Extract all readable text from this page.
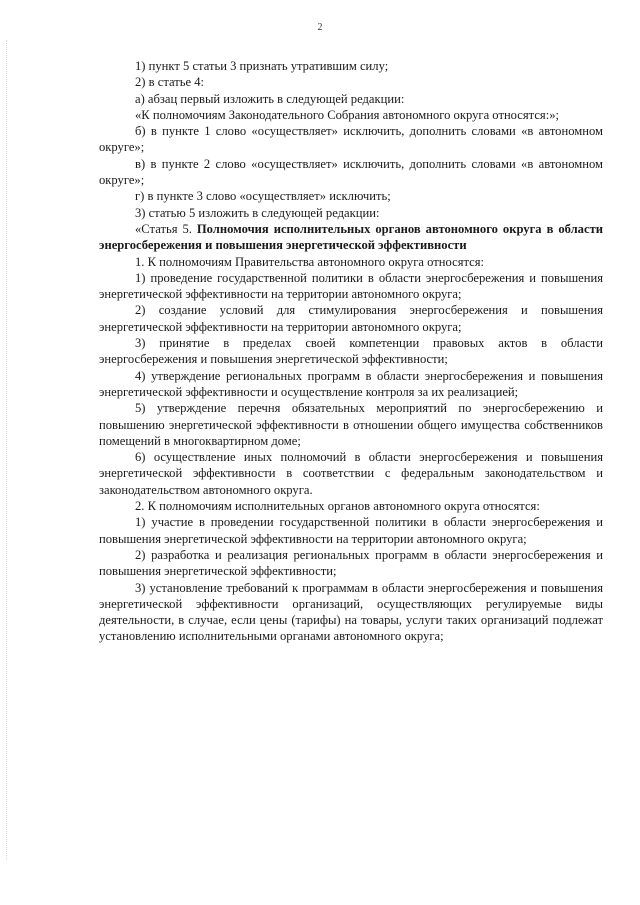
2

1) пункт 5 статьи 3 признать утратившим силу;

2) в статье 4:

а) абзац первый изложить в следующей редакции:

«К полномочиям Законодательного Собрания автономного округа относятся:»;

б) в пункте 1 слово «осуществляет» исключить, дополнить словами «в автономном округе»;

в) в пункте 2 слово «осуществляет» исключить, дополнить словами «в автономном округе»;

г) в пункте 3 слово «осуществляет» исключить;

3) статью 5 изложить в следующей редакции:

«Статья 5. Полномочия исполнительных органов автономного округа в области энергосбережения и повышения энергетической эффективности

1. К полномочиям Правительства автономного округа относятся:

1) проведение государственной политики в области энергосбережения и повышения энергетической эффективности на территории автономного округа;

2) создание условий для стимулирования энергосбережения и повышения энергетической эффективности на территории автономного округа;

3) принятие в пределах своей компетенции правовых актов в области энергосбережения и повышения энергетической эффективности;

4) утверждение региональных программ в области энергосбережения и повышения энергетической эффективности и осуществление контроля за их реализацией;

5) утверждение перечня обязательных мероприятий по энергосбережению и повышению энергетической эффективности в отношении общего имущества собственников помещений в многоквартирном доме;

6) осуществление иных полномочий в области энергосбережения и повышения энергетической эффективности в соответствии с федеральным законодательством и законодательством автономного округа.

2. К полномочиям исполнительных органов автономного округа относятся:

1) участие в проведении государственной политики в области энергосбережения и повышения энергетической эффективности на территории автономного округа;

2) разработка и реализация региональных программ в области энергосбережения и повышения энергетической эффективности;

3) установление требований к программам в области энергосбережения и повышения энергетической эффективности организаций, осуществляющих регулируемые виды деятельности, в случае, если цены (тарифы) на товары, услуги таких организаций подлежат установлению исполнительными органами автономного округа;
